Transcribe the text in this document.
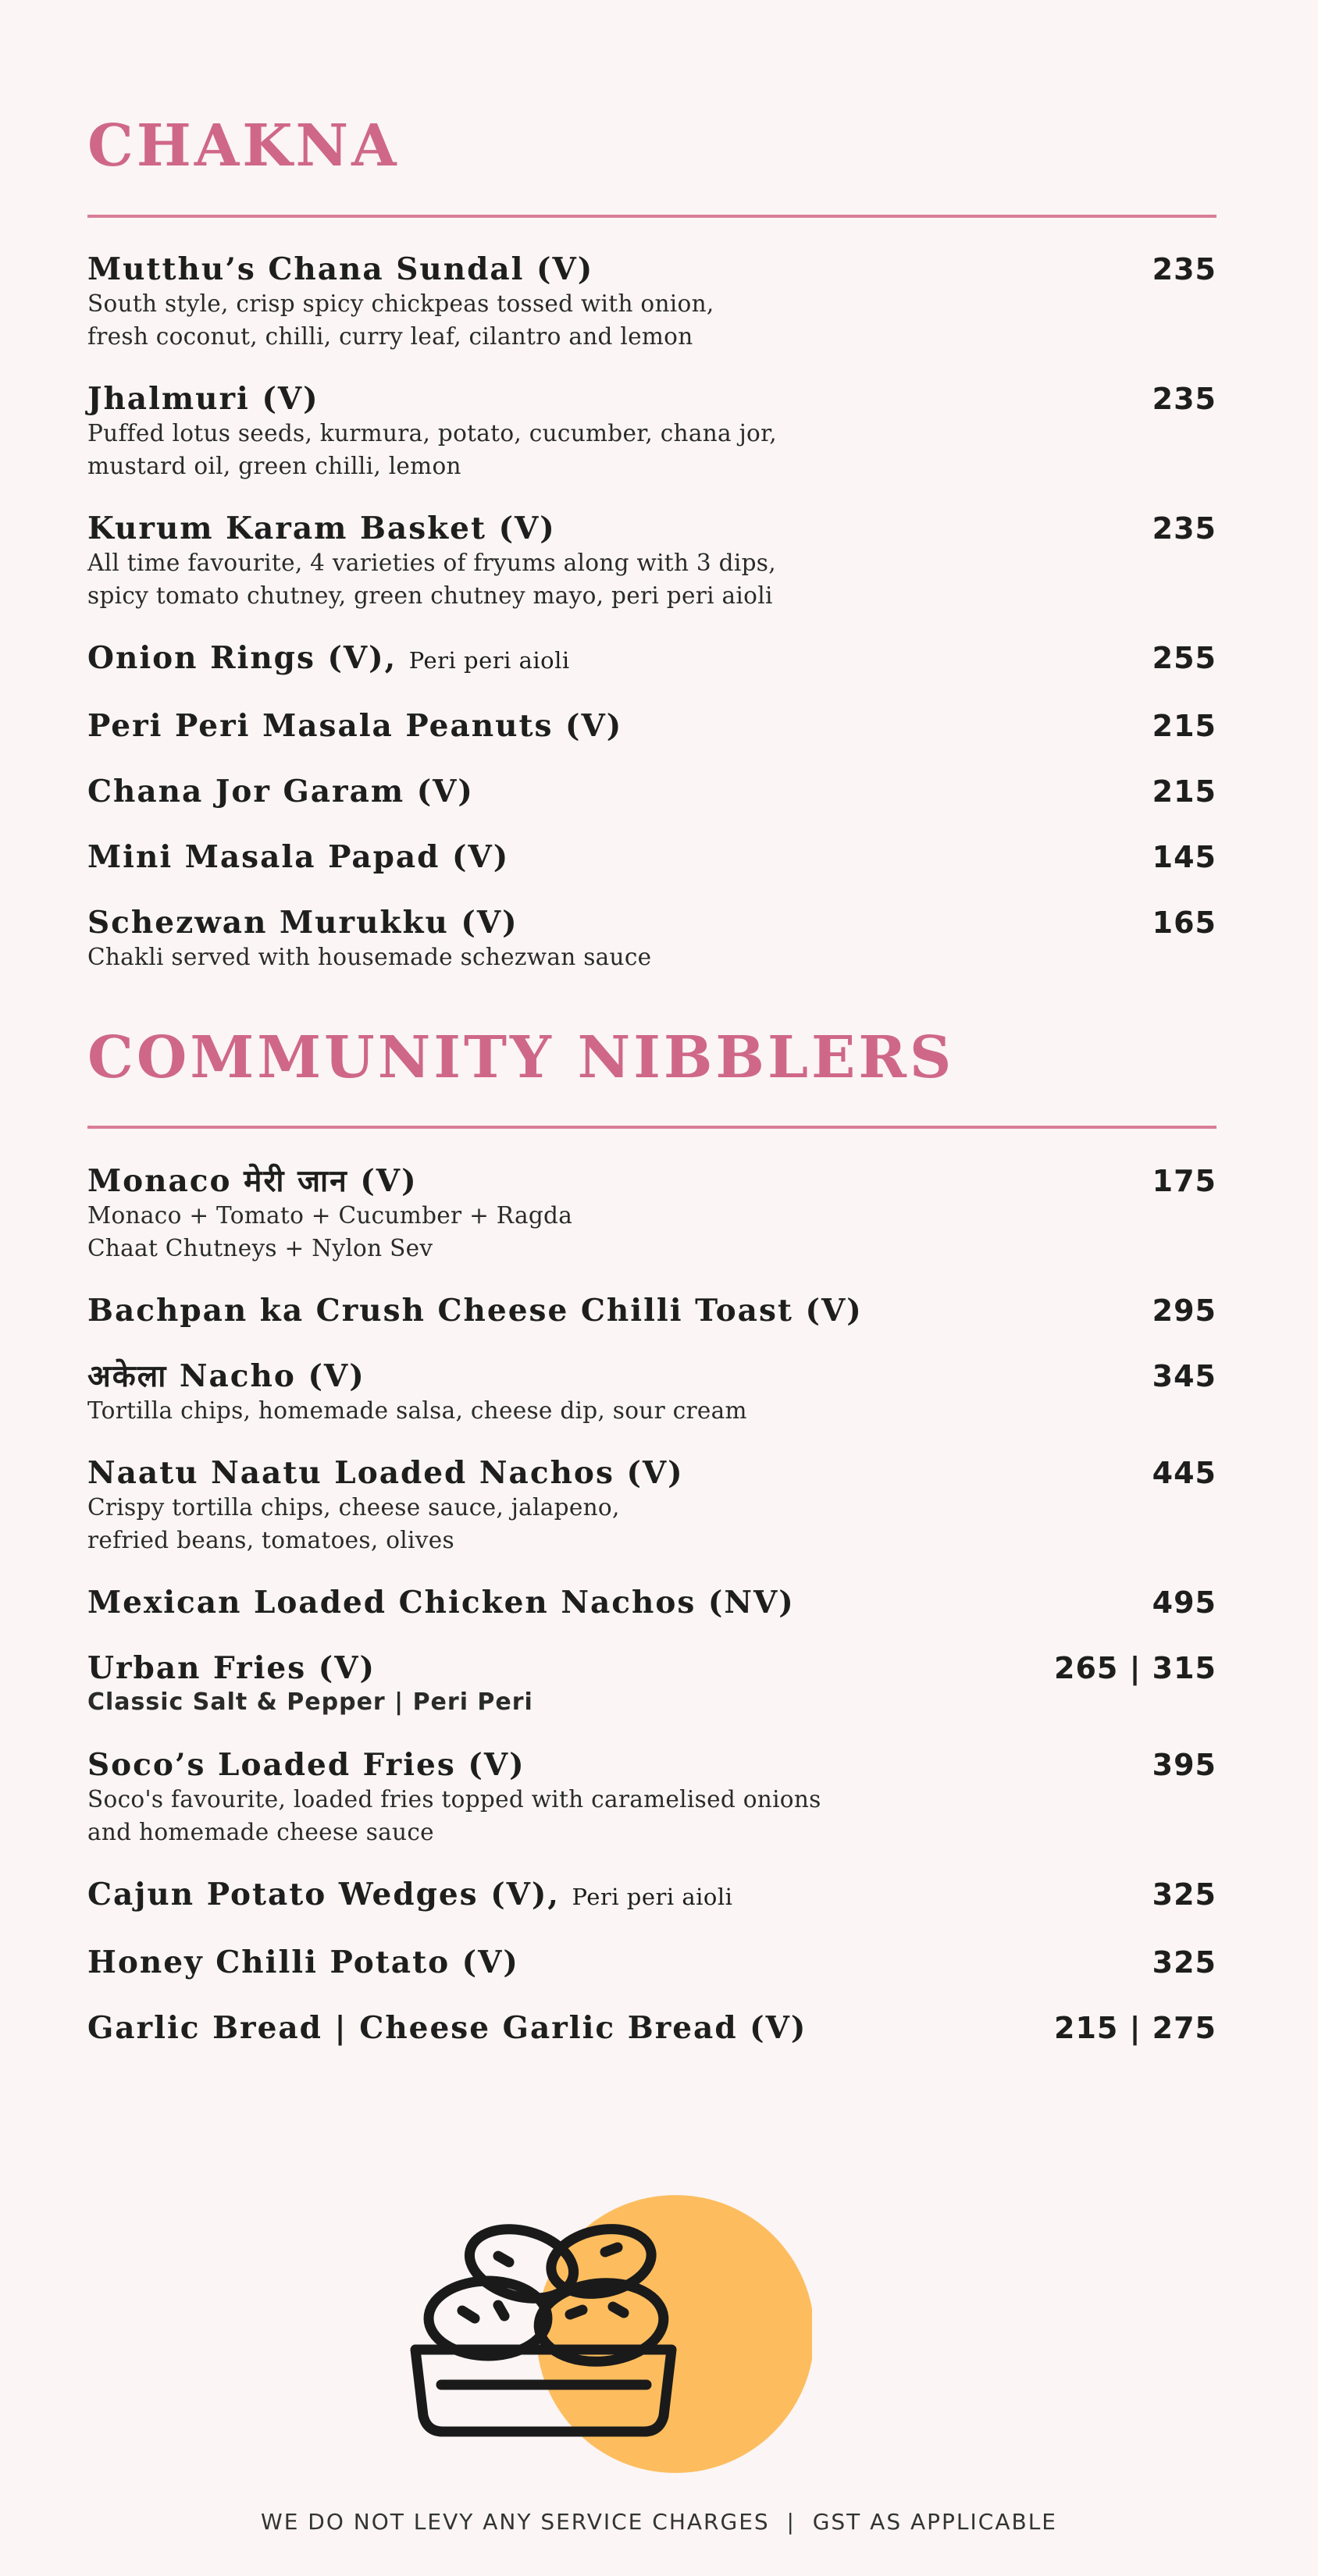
CHAKNA
Mutthu’s Chana Sundal (V)	235
South style, crisp spicy chickpeas tossed with onion,
fresh coconut, chilli, curry leaf, cilantro and lemon
Jhalmuri (V)	235
Puffed lotus seeds, kurmura, potato, cucumber, chana jor,
mustard oil, green chilli, lemon
Kurum Karam Basket (V)	235
All time favourite, 4 varieties of fryums along with 3 dips,
spicy tomato chutney, green chutney mayo, peri peri aioli
Onion Rings (V), Peri peri aioli	255
Peri Peri Masala Peanuts (V)	215
Chana Jor Garam (V)	215
Mini Masala Papad (V)	145
Schezwan Murukku (V)	165
Chakli served with housemade schezwan sauce
COMMUNITY NIBBLERS
Monaco मेरी जान (V)	175
Monaco + Tomato + Cucumber + Ragda
Chaat Chutneys + Nylon Sev
Bachpan ka Crush Cheese Chilli Toast (V)	295
अकेला Nacho (V)	345
Tortilla chips, homemade salsa, cheese dip, sour cream
Naatu Naatu Loaded Nachos (V)	445
Crispy tortilla chips, cheese sauce, jalapeno,
refried beans, tomatoes, olives
Mexican Loaded Chicken Nachos (NV)	495
Urban Fries (V)	265 | 315
Classic Salt & Pepper | Peri Peri
Soco’s Loaded Fries (V)	395
Soco's favourite, loaded fries topped with caramelised onions
and homemade cheese sauce
Cajun Potato Wedges (V), Peri peri aioli	325
Honey Chilli Potato (V)	325
Garlic Bread | Cheese Garlic Bread (V)	215 | 275
WE DO NOT LEVY ANY SERVICE CHARGES  |  GST AS APPLICABLE
